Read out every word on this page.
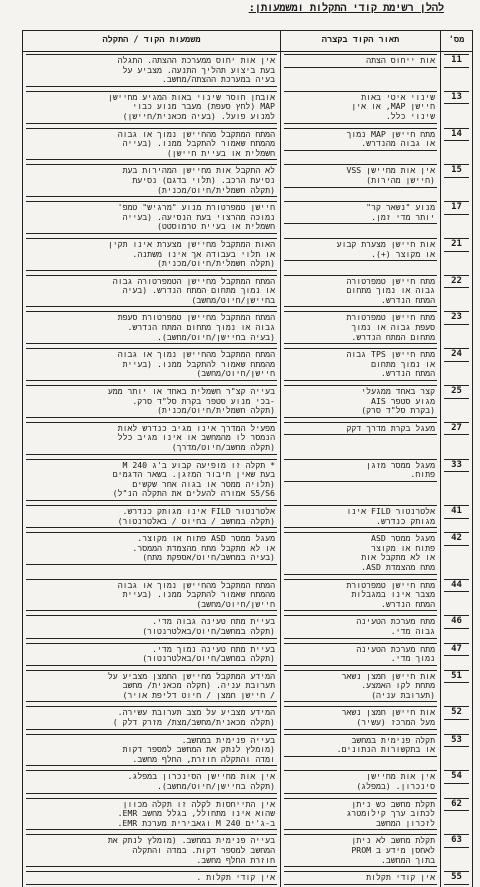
להלן רשימת קודי התקלות ומשמעותן:
מס'	תאור הקוד בקצרה	משמעות הקוד / התקלה

11	אות ייחוס הצתה	אין אות יחוס ממערכת ההצתה. התגלה
בעת ביצוע תהליך התנעה. מצביע על
בעיה במערכת ההצתה/מחשב.

13	שינוי איטי באות
חיישן MAP, או אין
שינוי כלל.	אובחן חוסר שינוי באות המגיע מחיישן
MAP (לחץ סעפת) מעבר מנוע כבוי
למנוע פועל. (בעיה מכאנית/חיישן)

14	מתח חיישן MAP נמוך
או גבוה מהנדרש.	המתח המתקבל מהחיישן נמוך או גבוה
מהמתח שאמור להתקבל ממנו. (בעייה
חשמלית או בעיית חיישן)

15	אין אות מחיישן VSS
(חיישן מהירות)	לא התקבל אות מחיישן המהירות בעת
נסיעת הרכב. (תלוי בדגם) נסיעת
(תקלה חשמלית/חיוט/מכנית)

17	מנוע "נשאר קר"
יותר מדי זמן.	חיישן טמפרטורת מנוע "מרגיש" טמפ'
נמוכה מהרצוי בעת הנסיעה. (בעייה
חשמלית או בעיית טרמוסטט)

21	אות חיישן מצערת קבוע
או מקוצר (+).	האות המתקבל מחיישן מצערת אינו תקין
או תלוי בעבודה אך אינו משתנה.
(תקלה חשמלית/חיוט/מכנית)

22	מתח חיישן טמפרטורה
גבוה או נמוך מתחום
המתח הנדרש.	המתח המתקבל מחיישן הטמפרטורה גבוה
או נמוך מתחום המתח הנדרש. (בעיה
בחיישן/חיוט/מחשב)

23	מתח חיישן טמפרטורת
סעפת גבוה או נמוך
מתחום המתח הנדרש.	המתח המתקבל מחיישן טמפרטורת סעפת
גבוה או נמוך מתחום המתח הנדרש.
(בעיה בחיישן/חיוט/מחשב).

24	מתח חיישן TPS גבוה
או נמוך מתחום
המתח הנדרש.	המתח המתקבל מהחיישן נמוך או גבוה
מהמתח שאמור להתקבל ממנו. (בעיית
חיישן/חיוט/מחשב)

25	קצר באחד ממגעלי
מגוע סטפר AIS
(בקרת סל"ד סרק)	בעייה קצ"ר חשמלית באחד או יותר ממע
-בכי מנוע סטפר בקרת סל"ד סרק.
(תקלה חשמלית/חיוט/מכנית)

27	מעגל בקרת מדרך דקק	מפעיל המדרך אינו מגיב כנדרש לאות
הנמסר לו מהמחשב או אינו מגיב כלל
(תקלה מחשב/חיוט/מדרך)

33	מעגל ממסר מזגן
פתוח.	* תקלה זו מופיעה קבוע ב'ג M 240
בעת שאין חיבור המזגן. בשאר הדגמים
(תלויה ממסר או בגוה אחר שקשים
S5/S6 אמורה להעלים את התקלה הנ"ל)

41	אלטרנטור FILD אינו
מגותק כנדרש.	אלטרנטור FILD אינו מגותק כנדרש.
(תקלה במחשב / בחיוט / באלטרנטור)

42	מעגל ממסר ASD
פתוח או מקוצר
או לא מתקבל אות
מתח מהצמדת ASD.	מעגל ממסר ASD פתוח או מקוצר.
או לא מתקבל מתח מהצמדת הממסר.
(בעיה במחשב/חיוט/אספקת מתח)

44	מתח חיישן טמפרטורת
מצבר אינו במגבלות
המתח הנדרש.	המתח המתקבל מהחיישן נמוך או גבוה
מהמתח שאמור להתקבל ממנו. (בעיית
חיישן/חיוט/מחשב)

46	מתח מערכת הטעינה
גבוה מדי.	בעיית מתח טעינה גבוה מדי.
(תקלה במחשב/חיוט/באלטרנטור)

47	מתח מערכת הטעינה
נמוך מדי.	בעיית מתח טעינה נמוך מדי.
(תקלה במחשב/חיוט/באלטרנטור)

51	אות חיישן חמצן נשאר
מתחת לקו האמצע.
(תערובת עניה)	המידע המתקבל מחיישן החמצן מצביע על
תערובת עניה. (תקלה מכאנית/ מחשב
/ חיישן חמצן / חיוט דליפת אויר)

52	אות חיישן חמצן נשאר
מעל המרכז (עשיר)	המידע מצביע על מצב תערובת עשירה.
(תקלה מכאנית/מחשב/מצת/ מזרק דלק )

53	תקלה פנימית במחשב
או בתקשורות הנתונים.	בעייה פנימית במחשב.
(מומלץ לנתק את המחשב למספר דקות
ומדה והתקלה חוזרת, החלף מחשב.

54	אין אות מחיישן
סינכרון. (במפלג)	אין אות מחיישן הסינכרון במפלג.
(תקלה בחיישן/חיוט/מחשב).

62	תקלת מחשב כש ניתן
לכתוב ערך קילומטרג
לזכרון המחשב	אין התייחסות לקלה זו תקלה מכוון
שהוא אינו מתחולל, בגלל מחשב EMR.
ב-ג'ים M 240 וגאבירית מערכת EMR.

63	תקלת מחשב לא ניתן
לאחסן מידע ב PROM
בתוך המחשב.	בעייה פנימית במחשב. (מומלץ לנתק את
המחשב למספר דקות. במדה והתקלה
חוזרת החלף מחשב.

55	אין קודי תקלות	אין קודי תקלות .
